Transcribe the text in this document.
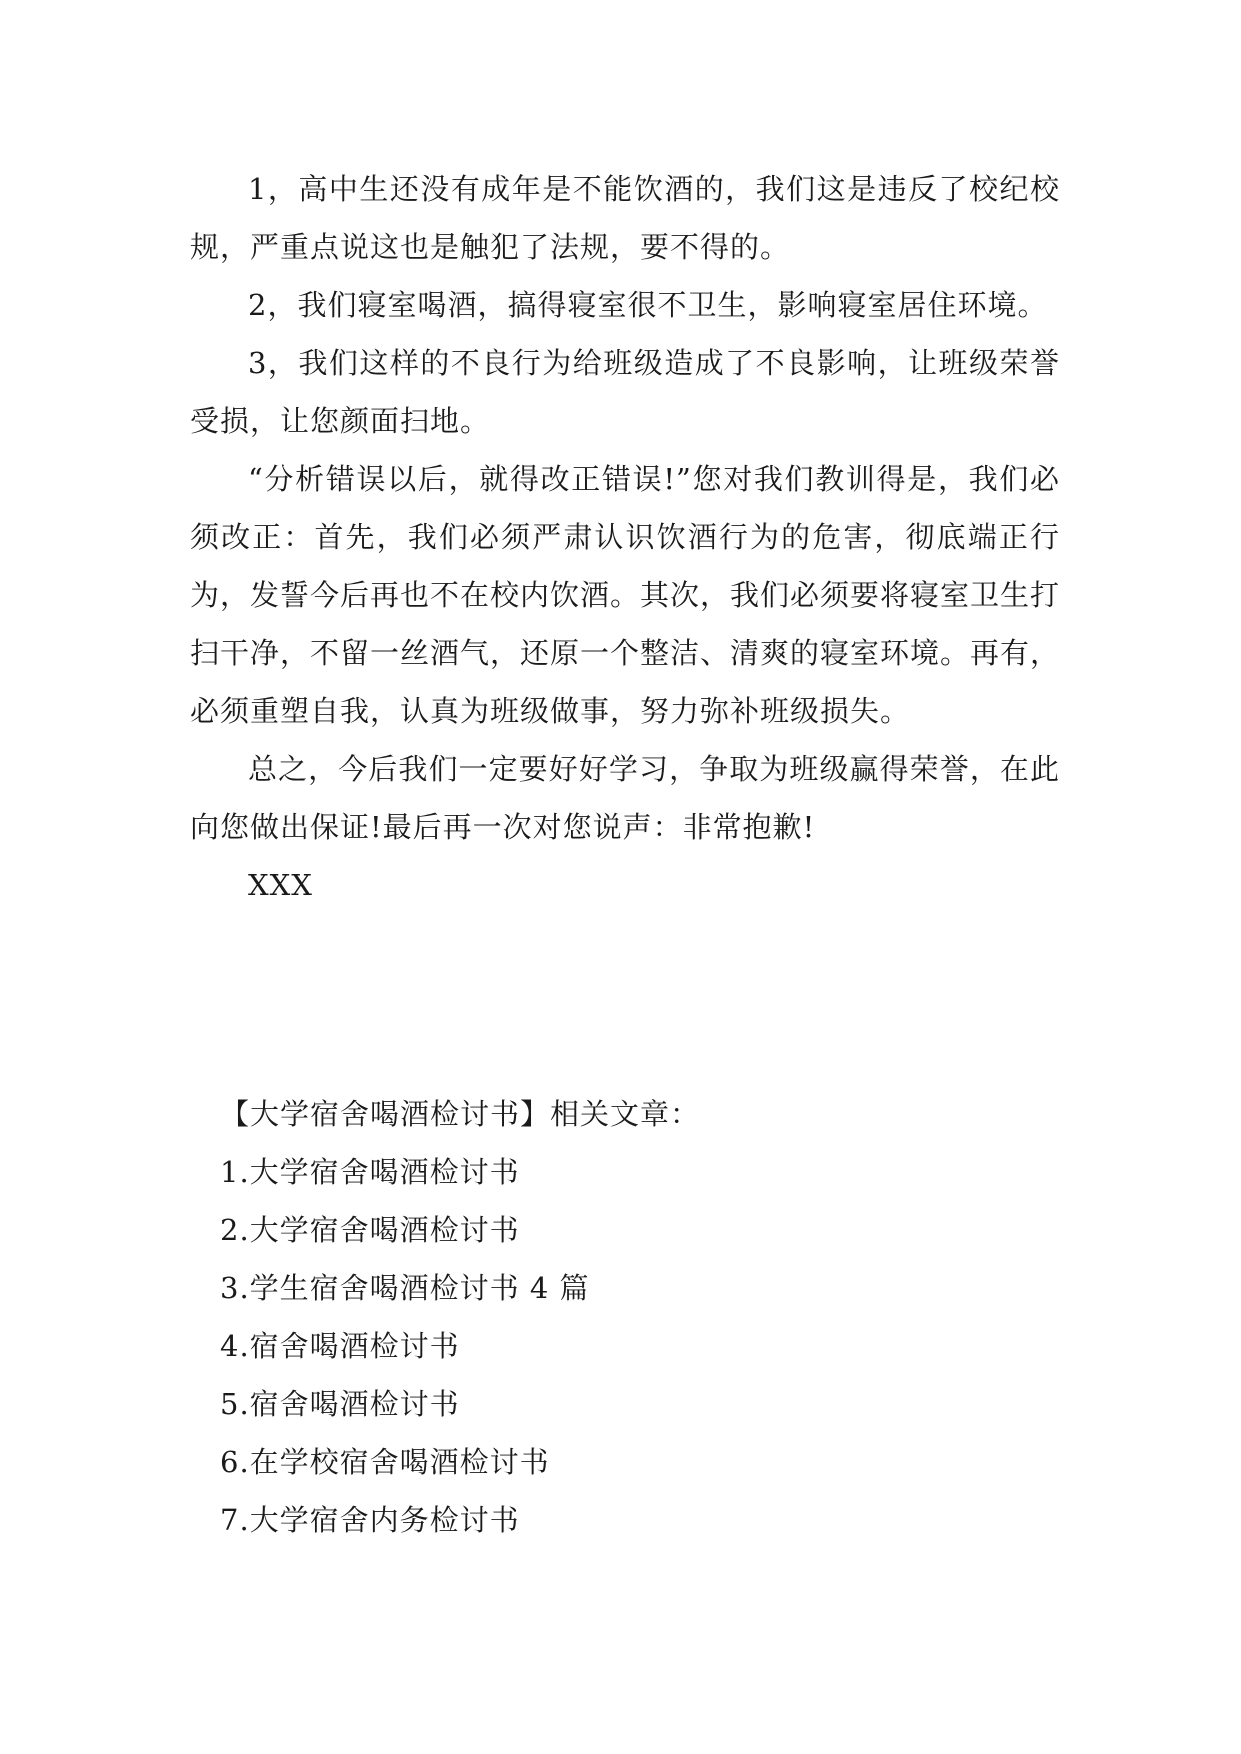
1，高中生还没有成年是不能饮酒的，我们这是违反了校纪校规，严重点说这也是触犯了法规，要不得的。

2，我们寝室喝酒，搞得寝室很不卫生，影响寝室居住环境。

3，我们这样的不良行为给班级造成了不良影响，让班级荣誉受损，让您颜面扫地。

“分析错误以后，就得改正错误!”您对我们教训得是，我们必须改正：首先，我们必须严肃认识饮酒行为的危害，彻底端正行为，发誓今后再也不在校内饮酒。其次，我们必须要将寝室卫生打扫干净，不留一丝酒气，还原一个整洁、清爽的寝室环境。再有，必须重塑自我，认真为班级做事，努力弥补班级损失。

总之，今后我们一定要好好学习，争取为班级赢得荣誉，在此向您做出保证!最后再一次对您说声：非常抱歉!

XXX

【大学宿舍喝酒检讨书】相关文章：

1.大学宿舍喝酒检讨书
2.大学宿舍喝酒检讨书
3.学生宿舍喝酒检讨书 4 篇
4.宿舍喝酒检讨书
5.宿舍喝酒检讨书
6.在学校宿舍喝酒检讨书
7.大学宿舍内务检讨书
